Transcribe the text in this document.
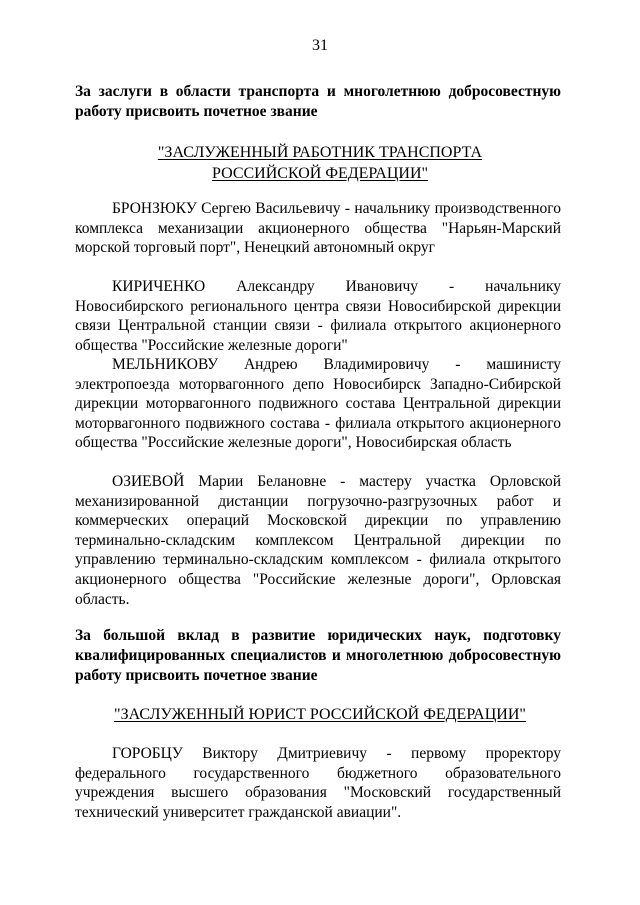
31
За заслуги в области транспорта и многолетнюю добросовестную работу присвоить почетное звание
"ЗАСЛУЖЕННЫЙ РАБОТНИК ТРАНСПОРТА
РОССИЙСКОЙ ФЕДЕРАЦИИ"

БРОНЗЮКУ Сергею Васильевичу - начальнику производственного комплекса механизации акционерного общества "Нарьян-Марский морской торговый порт", Ненецкий автономный округ

КИРИЧЕНКО Александру Ивановичу - начальнику Новосибирского регионального центра связи Новосибирской дирекции связи Центральной станции связи - филиала открытого акционерного общества "Российские железные дороги"

МЕЛЬНИКОВУ Андрею Владимировичу - машинисту электропоезда моторвагонного депо Новосибирск Западно-Сибирской дирекции моторвагонного подвижного состава Центральной дирекции моторвагонного подвижного состава - филиала открытого акционерного общества "Российские железные дороги", Новосибирская область

ОЗИЕВОЙ Марии Белановне - мастеру участка Орловской механизированной дистанции погрузочно-разгрузочных работ и коммерческих операций Московской дирекции по управлению терминально-складским комплексом Центральной дирекции по управлению терминально-складским комплексом - филиала открытого акционерного общества "Российские железные дороги", Орловская область.

За большой вклад в развитие юридических наук, подготовку квалифицированных специалистов и многолетнюю добросовестную работу присвоить почетное звание
"ЗАСЛУЖЕННЫЙ ЮРИСТ РОССИЙСКОЙ ФЕДЕРАЦИИ"

ГОРОБЦУ Виктору Дмитриевичу - первому проректору федерального государственного бюджетного образовательного учреждения высшего образования "Московский государственный технический университет гражданской авиации".
